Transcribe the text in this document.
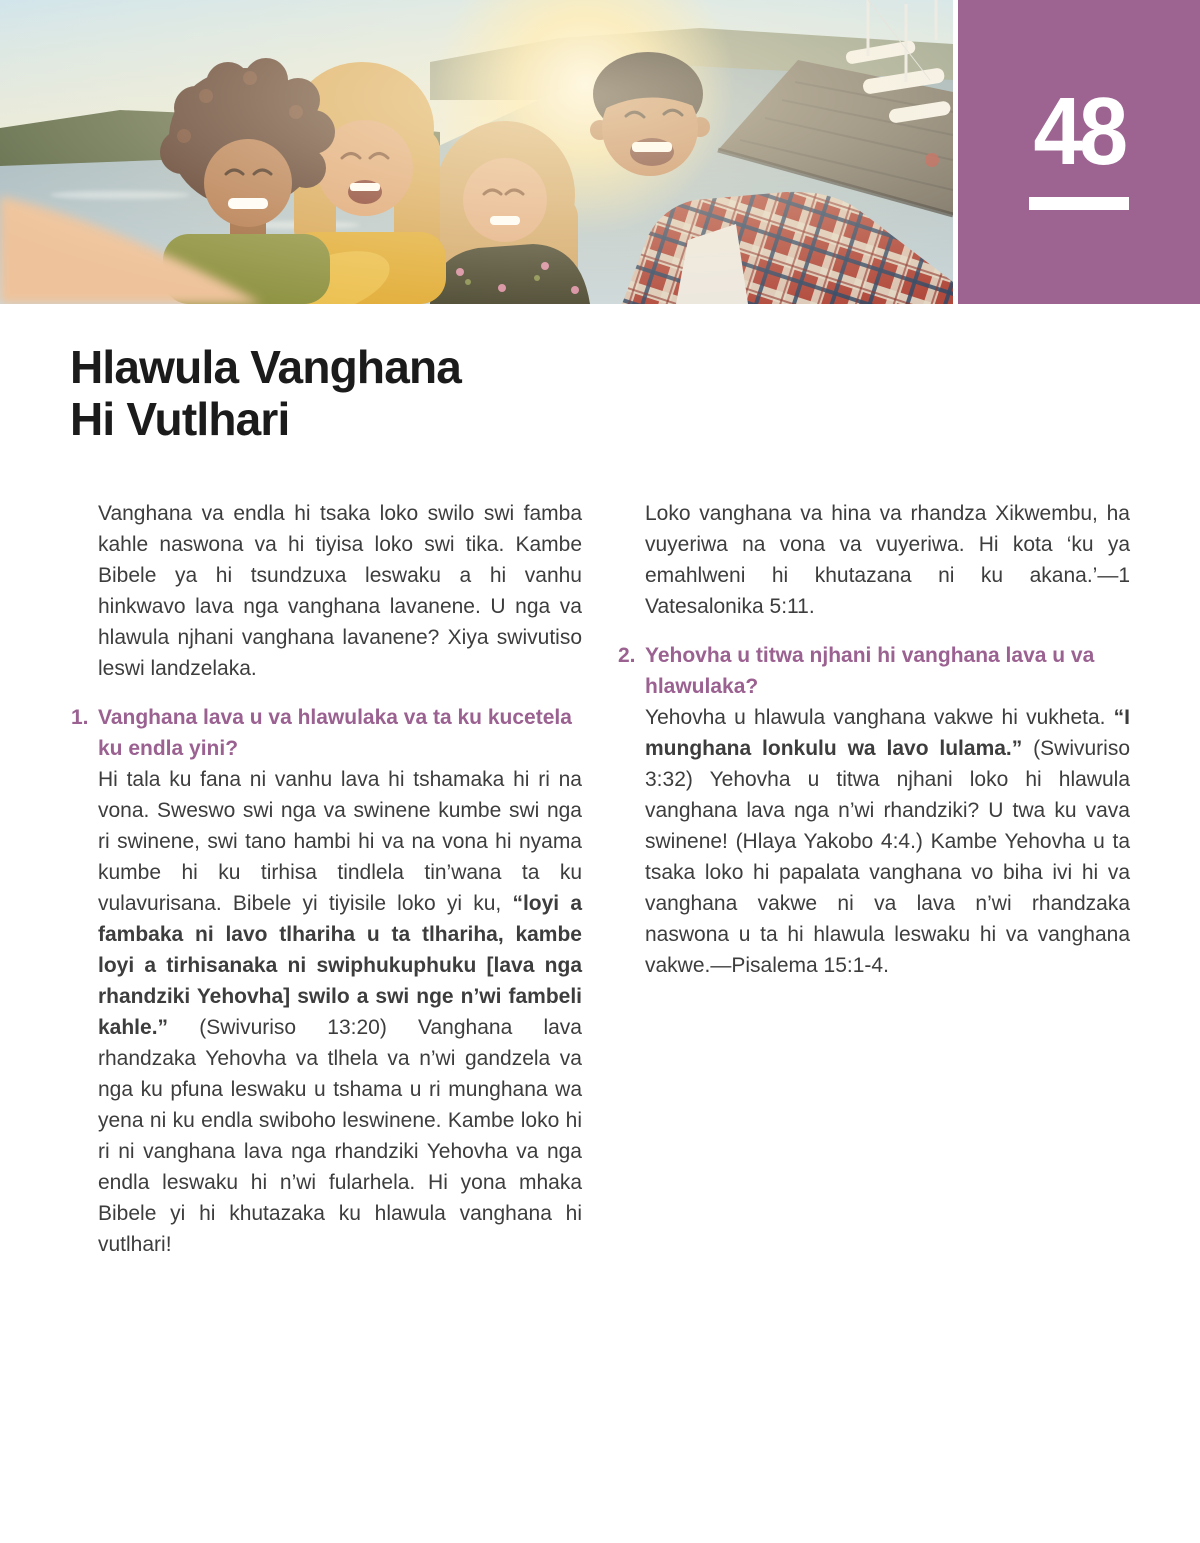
48
Hlawula Vanghana
Hi Vutlhari

Vanghana va endla hi tsaka loko swilo swi famba kahle naswona va hi tiyisa loko swi tika. Kambe Bibele ya hi tsundzuxa leswaku a hi vanhu hinkwavo lava nga vanghana lavanene. U nga va hlawula njhani vanghana lavanene? Xiya swivutiso leswi landzelaka.

1. Vanghana lava u va hlawulaka va ta ku kucetela ku endla yini?

Hi tala ku fana ni vanhu lava hi tshamaka hi ri na vona. Sweswo swi nga va swinene kumbe swi nga ri swinene, swi tano hambi hi va na vona hi nyama kumbe hi ku tirhisa tindlela tin’wana ta ku vulavurisana. Bibele yi tiyisile loko yi ku, “loyi a fambaka ni lavo tlhariha u ta tlhariha, kambe loyi a tirhisanaka ni swiphukuphuku [lava nga rhandziki Yehovha] swilo a swi nge n’wi fambeli kahle.” (Swivuriso 13:20) Vanghana lava rhandzaka Yehovha va tlhela va n’wi gandzela va nga ku pfuna leswaku u tshama u ri munghana wa yena ni ku endla swiboho leswinene. Kambe loko hi ri ni vanghana lava nga rhandziki Yehovha va nga endla leswaku hi n’wi fularhela. Hi yona mhaka Bibele yi hi khutazaka ku hlawula vanghana hi vutlhari!

Loko vanghana va hina va rhandza Xikwembu, ha vuyeriwa na vona va vuyeriwa. Hi kota ‘ku ya emahlweni hi khutazana ni ku akana.’—1 Vatesalonika 5:11.

2. Yehovha u titwa njhani hi vanghana lava u va hlawulaka?

Yehovha u hlawula vanghana vakwe hi vukheta. “I munghana lonkulu wa lavo lulama.” (Swivuriso 3:32) Yehovha u titwa njhani loko hi hlawula vanghana lava nga n’wi rhandziki? U twa ku vava swinene! (Hlaya Yakobo 4:4.) Kambe Yehovha u ta tsaka loko hi papalata vanghana vo biha ivi hi va vanghana vakwe ni va lava n’wi rhandzaka naswona u ta hi hlawula leswaku hi va vanghana vakwe.—Pisalema 15:1-4.
